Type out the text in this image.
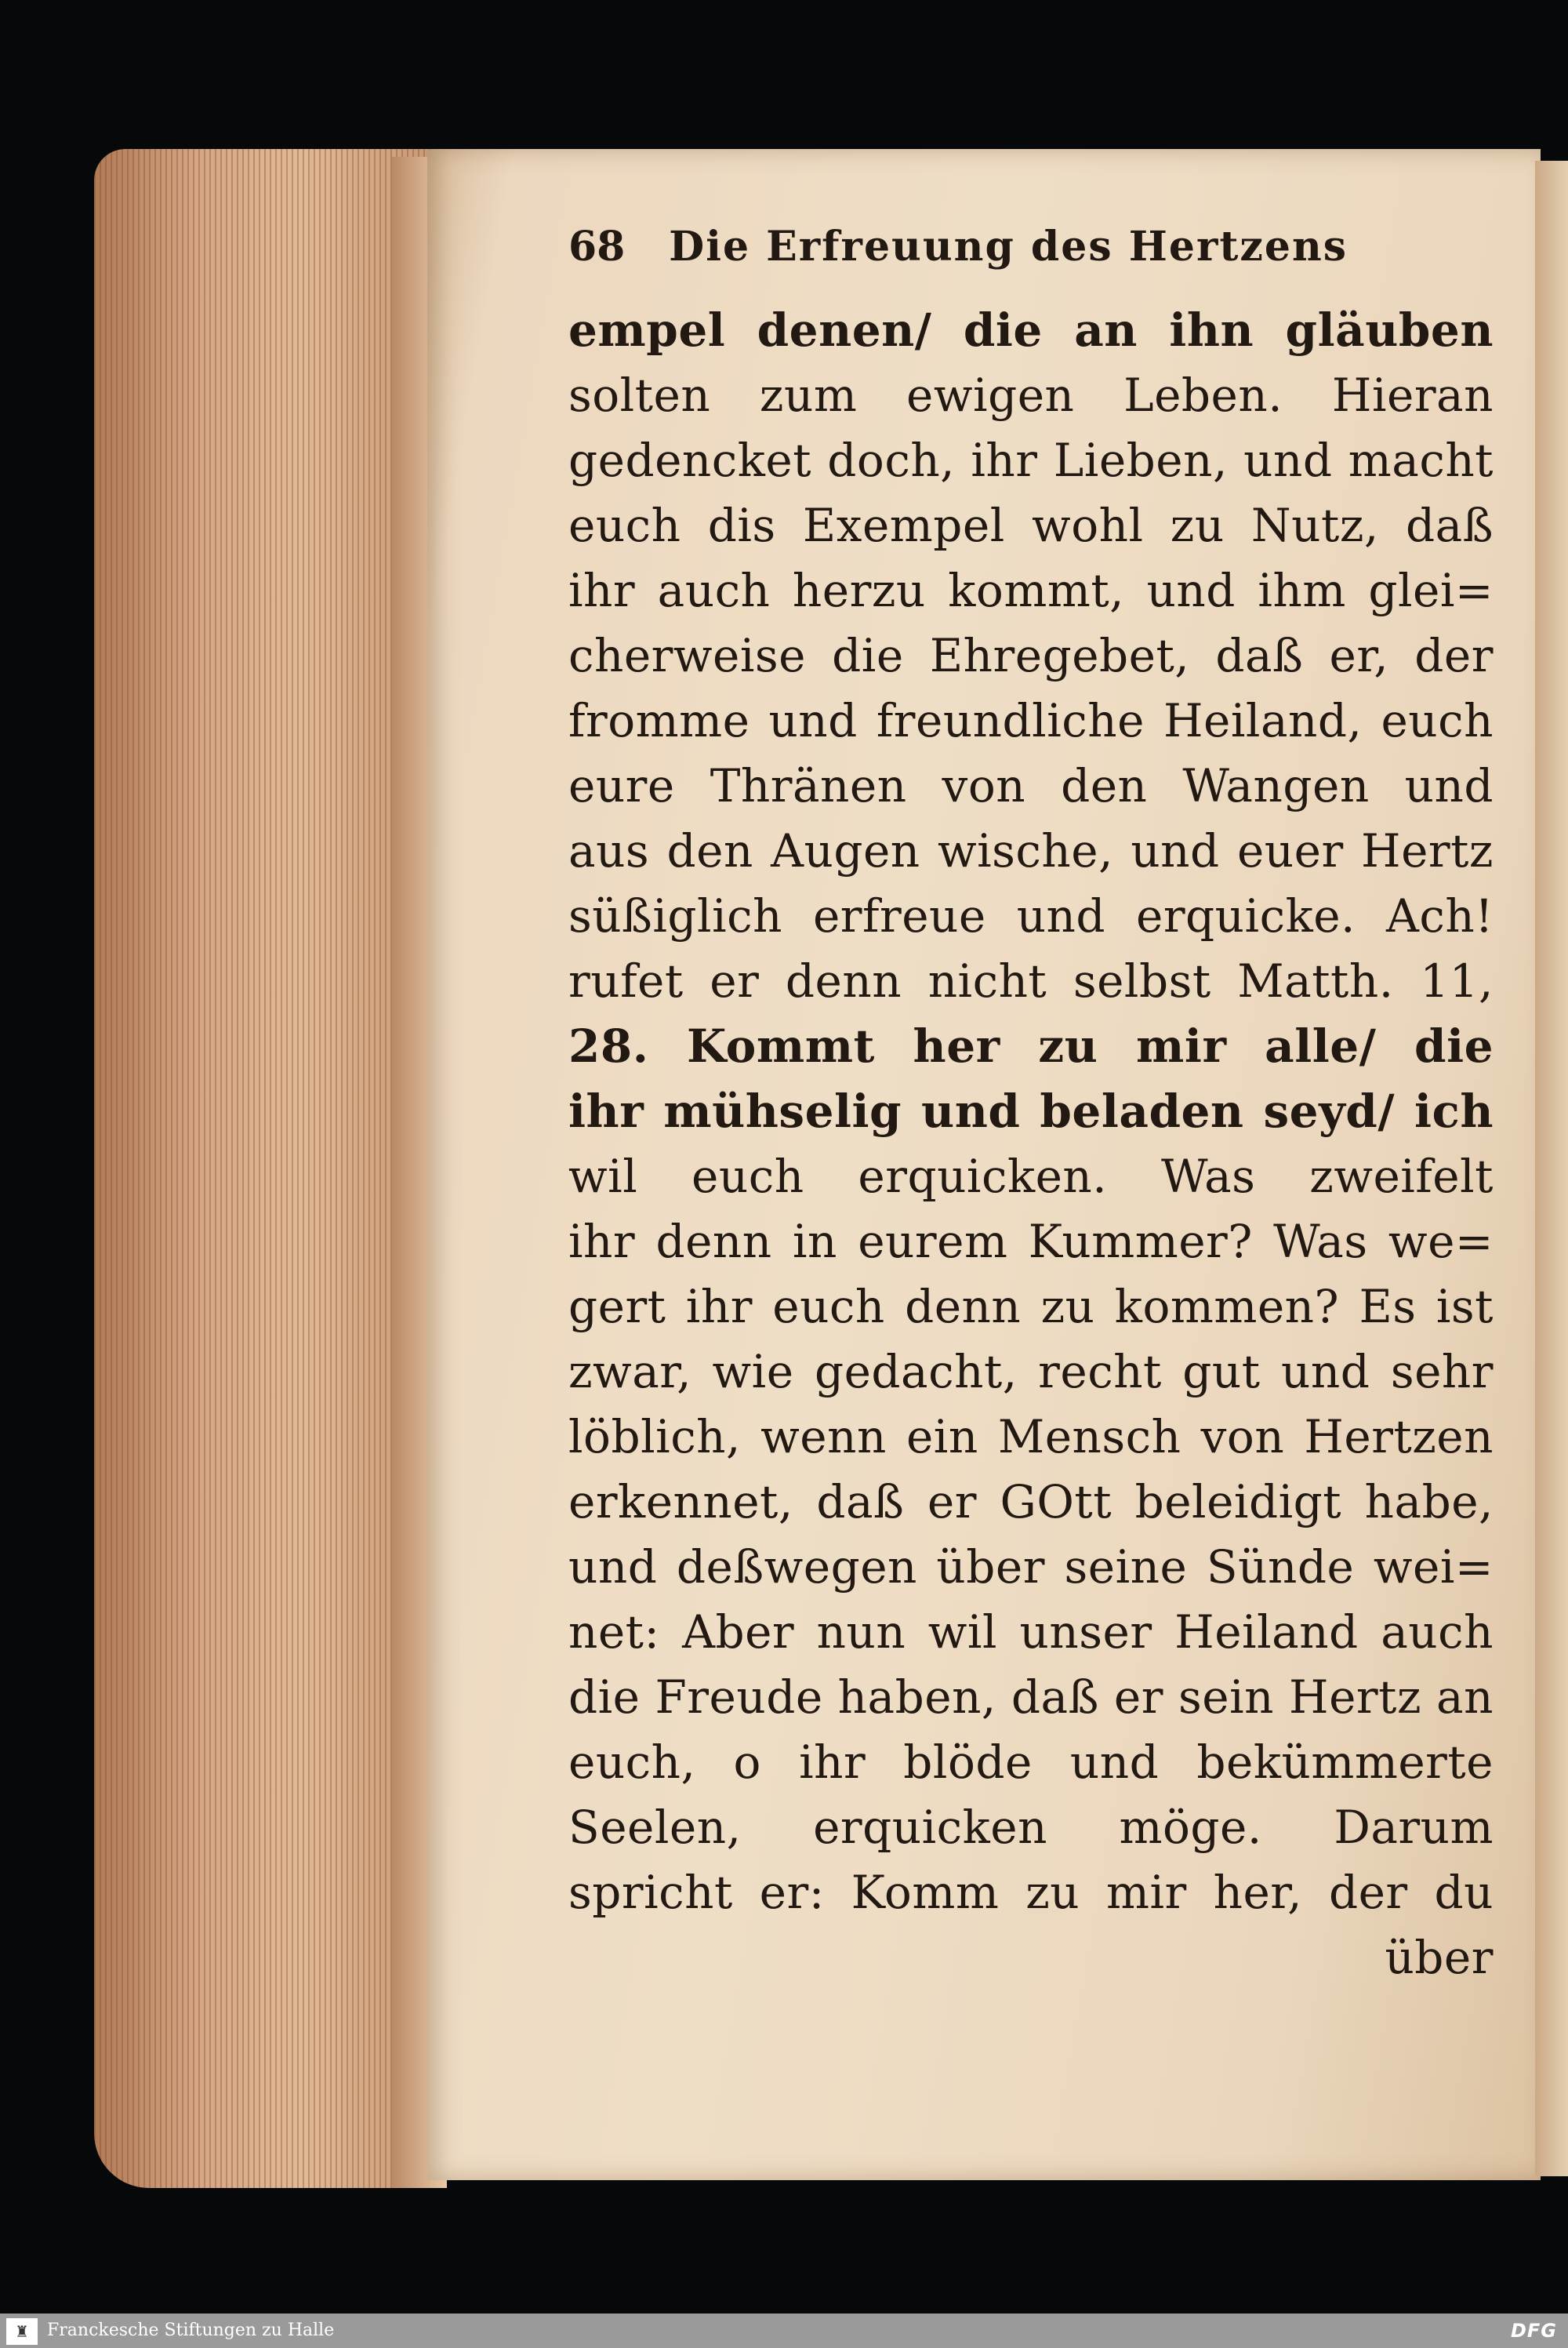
68 Die Erfreuung des Hertzens
empel denen/ die an ihn gläuben
solten zum ewigen Leben. Hieran
gedencket doch, ihr Lieben, und macht
euch dis Exempel wohl zu Nutz, daß
ihr auch herzu kommt, und ihm glei=
cherweise die Ehregebet, daß er, der
fromme und freundliche Heiland, euch
eure Thränen von den Wangen und
aus den Augen wische, und euer Hertz
süßiglich erfreue und erquicke. Ach!
rufet er denn nicht selbst Matth. 11,
28. Kommt her zu mir alle/ die
ihr mühselig und beladen seyd/ ich
wil euch erquicken. Was zweifelt
ihr denn in eurem Kummer? Was we=
gert ihr euch denn zu kommen? Es ist
zwar, wie gedacht, recht gut und sehr
löblich, wenn ein Mensch von Hertzen
erkennet, daß er GOtt beleidigt habe,
und deßwegen über seine Sünde wei=
net: Aber nun wil unser Heiland auch
die Freude haben, daß er sein Hertz an
euch, o ihr blöde und bekümmerte
Seelen, erquicken möge. Darum
spricht er: Komm zu mir her, der du
über
♜	Franckesche Stiftungen zu Halle	DFG
